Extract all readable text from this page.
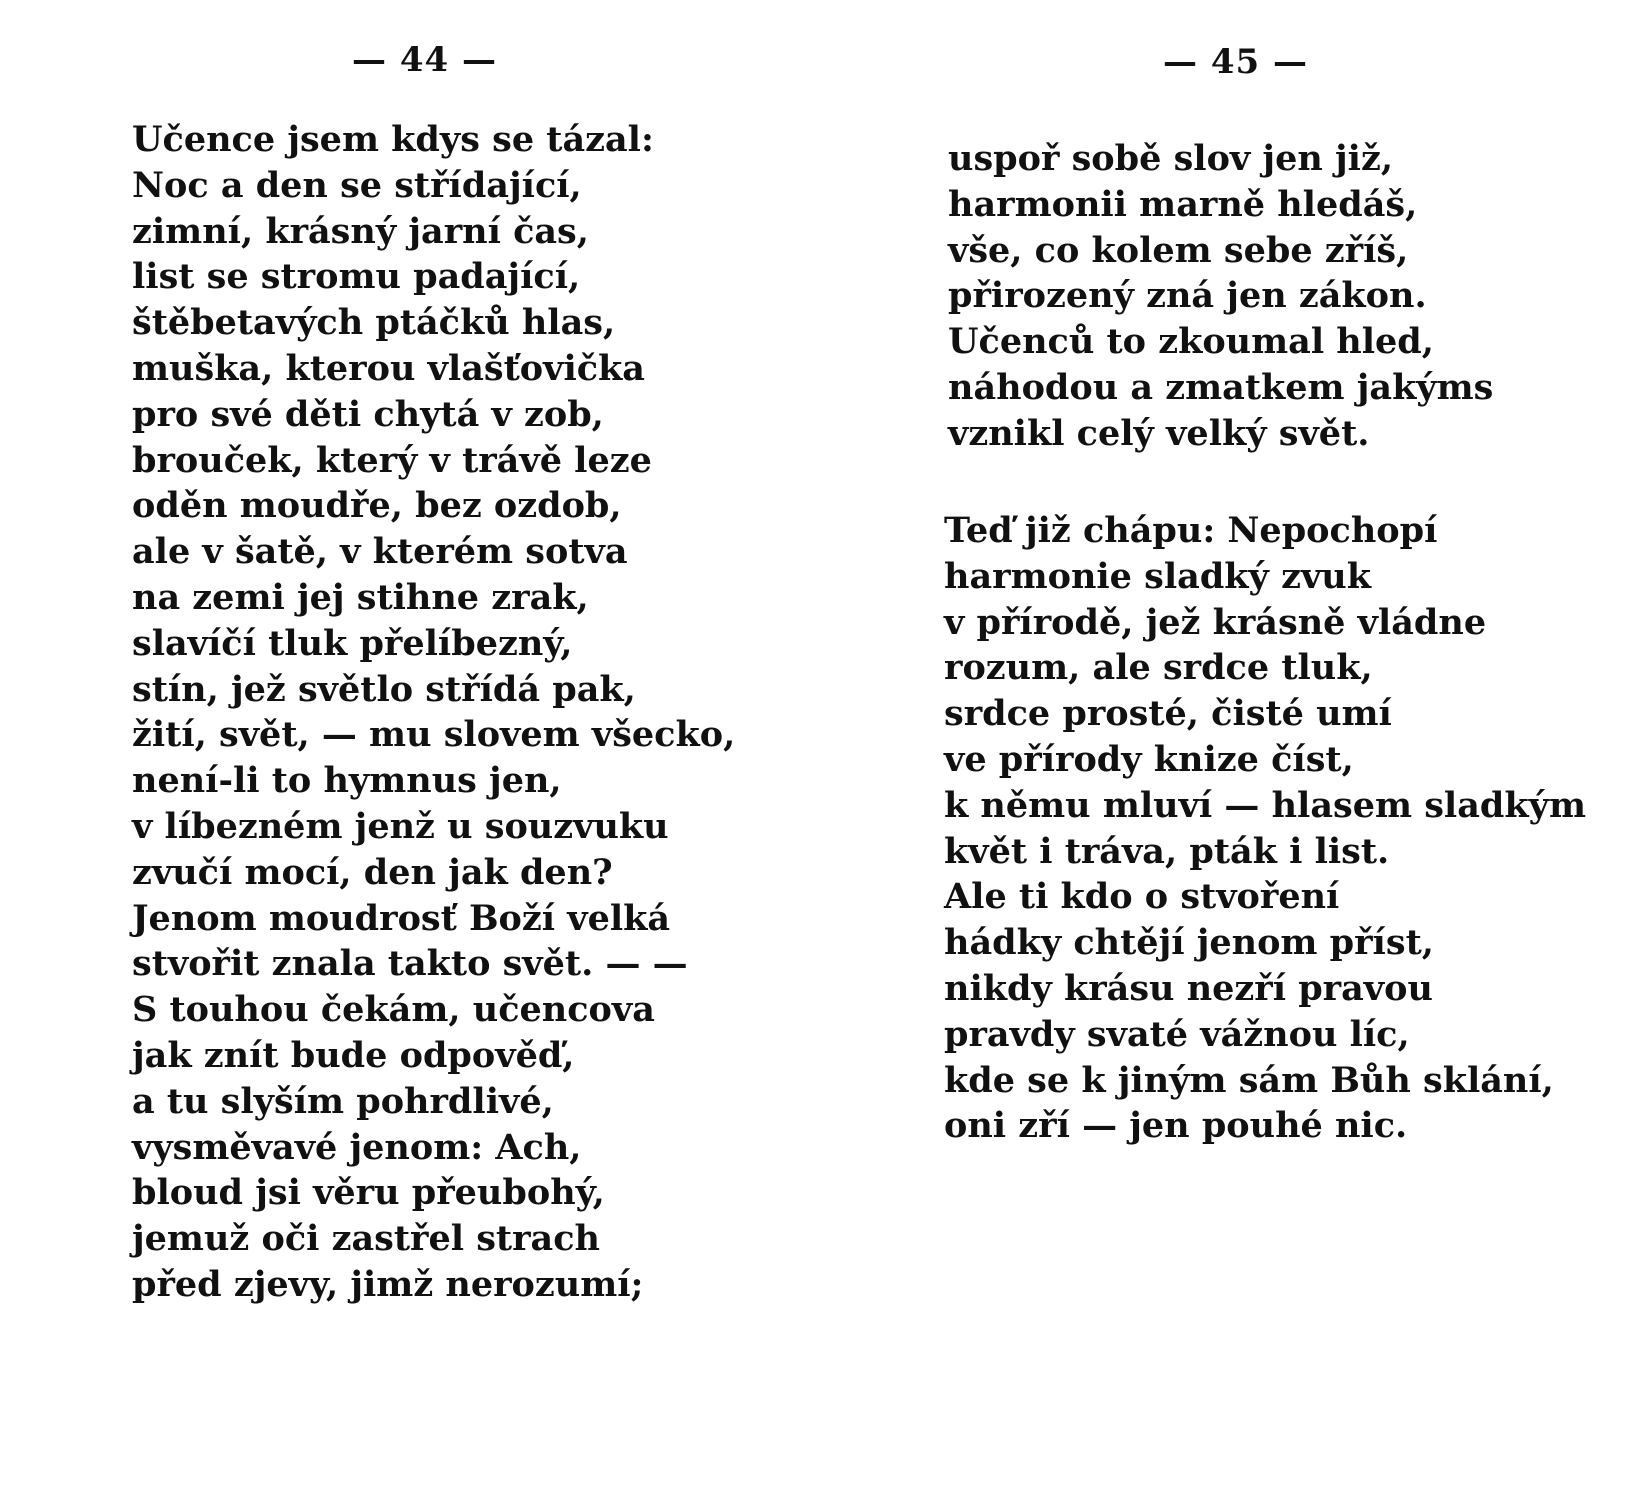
— 44 —
Učence jsem kdys se tázal:
Noc a den se střídající,
zimní, krásný jarní čas,
list se stromu padající,
štěbetavých ptáčků hlas,
muška, kterou vlašťovička
pro své děti chytá v zob,
brouček, který v trávě leze
oděn moudře, bez ozdob,
ale v šatě, v kterém sotva
na zemi jej stihne zrak,
slavíčí tluk přelíbezný,
stín, jež světlo střídá pak,
žití, svět, — mu slovem všecko,
není-li to hymnus jen,
v líbezném jenž u souzvuku
zvučí mocí, den jak den?
Jenom moudrosť Boží velká
stvořit znala takto svět. — —
S touhou čekám, učencova
jak znít bude odpověď,
a tu slyším pohrdlivé,
vysměvavé jenom: Ach,
bloud jsi věru přeubohý,
jemuž oči zastřel strach
před zjevy, jimž nerozumí;
— 45 —
uspoř sobě slov jen již,
harmonii marně hledáš,
vše, co kolem sebe zříš,
přirozený zná jen zákon.
Učenců to zkoumal hled,
náhodou a zmatkem jakýms
vznikl celý velký svět.
Teď již chápu: Nepochopí
harmonie sladký zvuk
v přírodě, jež krásně vládne
rozum, ale srdce tluk,
srdce prosté, čisté umí
ve přírody knize číst,
k němu mluví — hlasem sladkým
květ i tráva, pták i list.
Ale ti kdo o stvoření
hádky chtějí jenom příst,
nikdy krásu nezří pravou
pravdy svaté vážnou líc,
kde se k jiným sám Bůh sklání,
oni zří — jen pouhé nic.
